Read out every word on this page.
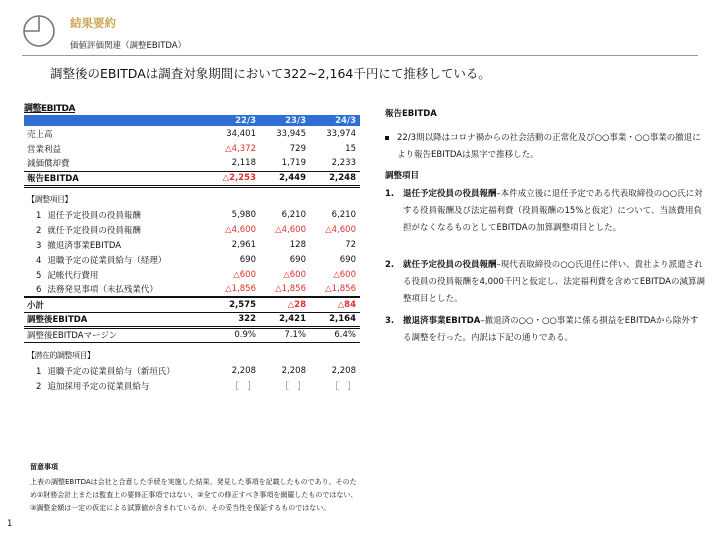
結果要約
価値評価関連（調整EBITDA）
調整後のEBITDAは調査対象期間において322~2,164千円にて推移している。
調整EBITDA
	22/3	23/3	24/3
売上高	34,401	33,945	33,974
営業利益	△4,372	729	15
減価償却費	2,118	1,719	2,233
報告EBITDA	△2,253	2,449	2,248

【調整項目】			
1 退任予定役員の役員報酬	5,980	6,210	6,210
2 就任予定役員の役員報酬	△4,600	△4,600	△4,600
3 撤退済事業EBITDA	2,961	128	72
4 退職予定の従業員給与（経理）	690	690	690
5 記帳代行費用	△600	△600	△600
6 法務発見事項（未払残業代）	△1,856	△1,856	△1,856
小計	2,575	△28	△84
調整後EBITDA	322	2,421	2,164
調整後EBITDAマージン	0.9%	7.1%	6.4%

【潜在的調整項目】			
1 退職予定の従業員給与（新垣氏）	2,208	2,208	2,208
2 追加採用予定の従業員給与	［　］	［　］	［　］
報告EBITDA
22/3期以降はコロナ禍からの社会活動の正常化及び○○事業・○○事業の撤退により報告EBITDAは黒字で推移した。
調整項目
1. 退任予定役員の役員報酬–本件成立後に退任予定である代表取締役の○○氏に対する役員報酬及び法定福利費（役員報酬の15%と仮定）について、当該費用負担がなくなるものとしてEBITDAの加算調整項目とした。
2. 就任予定役員の役員報酬–現代表取締役の○○氏退任に伴い、貴社より派遣される役員の役員報酬を4,000千円と仮定し、法定福利費を含めてEBITDAの減算調整項目とした。
3. 撤退済事業EBITDA–撤退済の○○・○○事業に係る損益をEBITDAから除外する調整を行った。内訳は下記の通りである。
留意事項
上表の調整EBITDAは会社と合意した手続を実施した結果、発見した事項を記載したものであり、そのため①財務会計上または監査上の要修正事項ではない、②全ての修正すべき事項を網羅したものではない、③調整金額は一定の仮定による試算値が含まれているが、その妥当性を保証するものではない。
1
